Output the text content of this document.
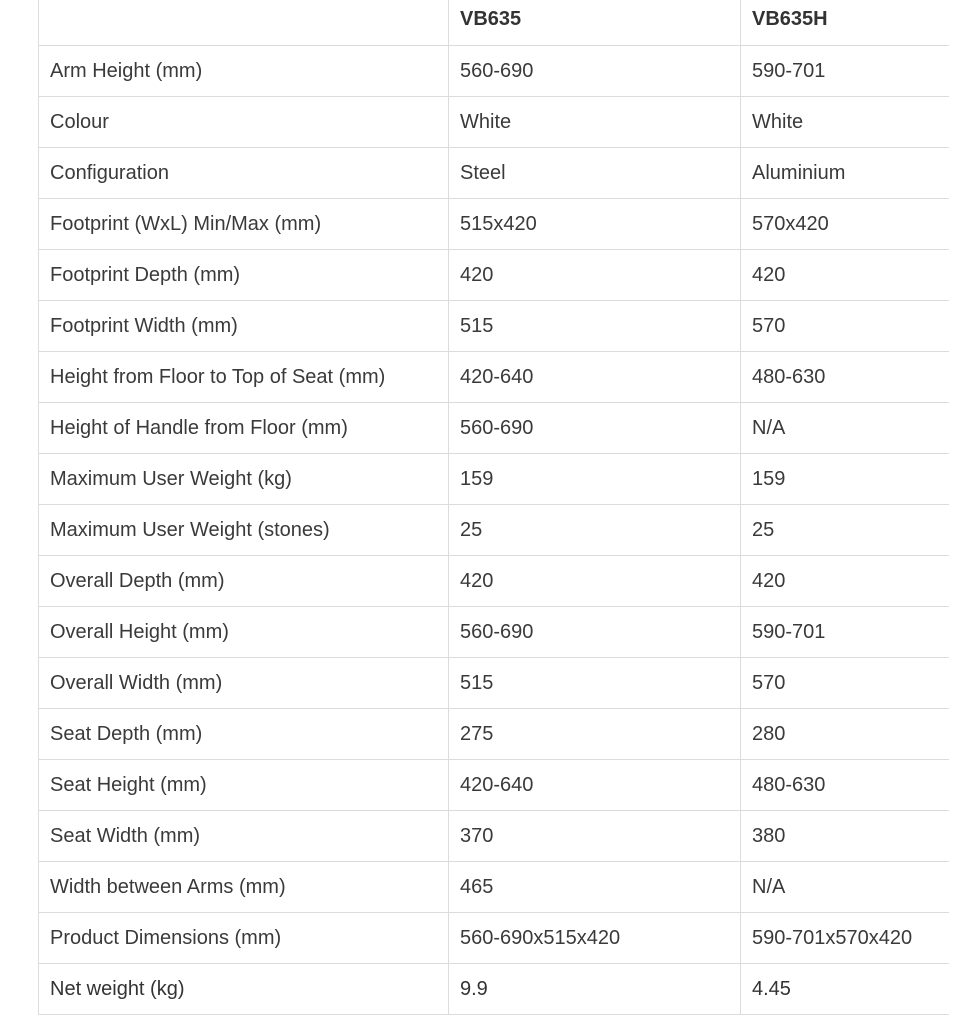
	VB635	VB635H
Arm Height (mm)	560-690	590-701
Colour	White	White
Configuration	Steel	Aluminium
Footprint (WxL) Min/Max (mm)	515x420	570x420
Footprint Depth (mm)	420	420
Footprint Width (mm)	515	570
Height from Floor to Top of Seat (mm)	420-640	480-630
Height of Handle from Floor (mm)	560-690	N/A
Maximum User Weight (kg)	159	159
Maximum User Weight (stones)	25	25
Overall Depth (mm)	420	420
Overall Height (mm)	560-690	590-701
Overall Width (mm)	515	570
Seat Depth (mm)	275	280
Seat Height (mm)	420-640	480-630
Seat Width (mm)	370	380
Width between Arms (mm)	465	N/A
Product Dimensions (mm)	560-690x515x420	590-701x570x420
Net weight (kg)	9.9	4.45
